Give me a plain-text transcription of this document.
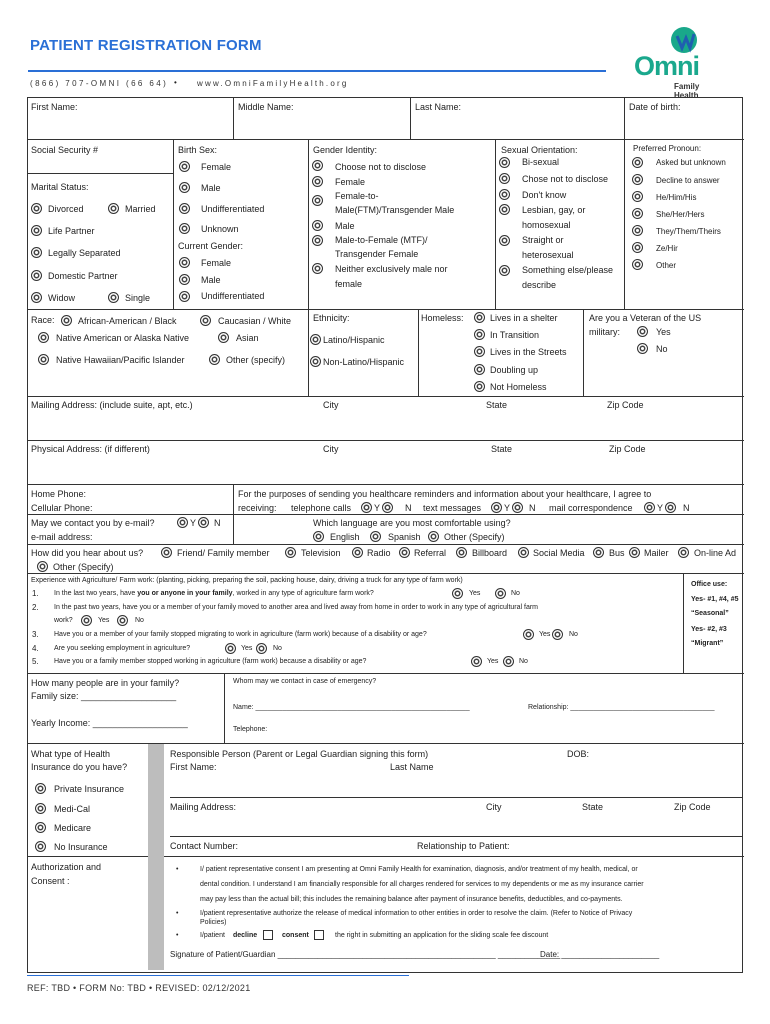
PATIENT REGISTRATION FORM
(866) 707-OMNI (66 64) •	www.OmniFamilyHealth.org
Omni
Family Health
First Name:	Middle Name:	Last Name:	Date of birth:
Social Security #
Marital Status:
Divorced	Married
Life Partner
Legally Separated
Domestic Partner
Widow	Single
Birth Sex:
Female
Male
Undifferentiated
Unknown
Current Gender:
Female
Male
Undifferentiated
Gender Identity:
Choose not to disclose
Female
Female-to-
Male(FTM)/Transgender Male
Male
Male-to-Female (MTF)/
Transgender Female
Neither exclusively male nor
female
Sexual Orientation:
Bi-sexual
Chose not to disclose
Don't know
Lesbian, gay, or
homosexual
Straight or
heterosexual
Something else/please
describe
Preferred Pronoun:
Asked but unknown
Decline to answer
He/Him/His
She/Her/Hers
They/Them/Theirs
Ze/Hir
Other
Race:	African-American / Black	Caucasian / White
Native American or Alaska Native	Asian
Native Hawaiian/Pacific Islander	Other (specify)
Ethnicity:
Latino/Hispanic
Non-Latino/Hispanic
Homeless:	Lives in a shelter
In Transition
Lives in the Streets
Doubling up
Not Homeless
Are you a Veteran of the US
military:	Yes
No
Mailing Address: (include suite, apt, etc.)	City	State	Zip Code
Physical Address: (if different)	City	State	Zip Code
Home Phone:
Cellular Phone:
For the purposes of sending you healthcare reminders and information about your healthcare, I agree to
receiving: telephone calls	Y	N text messages	Y N mail correspondence	Y N
May we contact you by e-mail?	Y N
e-mail address:
Which language are you most comfortable using?
English	Spanish	Other (Specify)
How did you hear about us?	Friend/ Family member	Television	Radio	Referral	Billboard	Social Media	Bus Mailer	On-line Ad
Other (Specify)
Experience with Agriculture/ Farm work: (planting, picking, preparing the soil, packing house, dairy, driving a truck for any type of farm work)
1. In the last two years, have you or anyone in your family, worked in any type of agriculture farm work?	Yes	No
2. In the past two years, have you or a member of your family moved to another area and lived away from home in order to work in any type of agricultural farm
work?	Yes	No
3. Have you or a member of your family stopped migrating to work in agriculture (farm work) because of a disability or age?	Yes	No
4. Are you seeking employment in agriculture?	Yes	No
5. Have you or a family member stopped working in agriculture (farm work) because a disability or age?	Yes	No
Office use:
Yes- #1, #4, #5
“Seasonal”
Yes- #2, #3
“Migrant”
How many people are in your family?
Family size: ___________________
Yearly Income: ___________________
Whom may we contact in case of emergency?
Name: _______________________________________________________	Relationship: _____________________________________
Telephone:
What type of Health
Insurance do you have?
Private Insurance
Medi-Cal
Medicare
No Insurance
Responsible Person (Parent or Legal Guardian signing this form)	DOB:
First Name:	Last Name
Mailing Address:	City	State	Zip Code
Contact Number:	Relationship to Patient:
Authorization and
Consent :
•	I/ patient representative consent I am presenting at Omni Family Health for examination, diagnosis, and/or treatment of my health, medical, or
dental condition. I understand I am financially responsible for all charges rendered for services to my dependents or me as my insurance carrier
may pay less than the actual bill; this includes the remaining balance after payment of insurance benefits, deductibles, and co-payments.
•	I/patient representative authorize the release of medical information to other entities in order to resolve the claim. (Refer to Notice of Privacy
Policies)
•	I/patient decline	consent	the right in submitting an application for the sliding scale fee discount
Signature of Patient/Guardian _________________________________________________ ______________
Date: ______________________
REF: TBD • FORM No: TBD • REVISED: 02/12/2021
